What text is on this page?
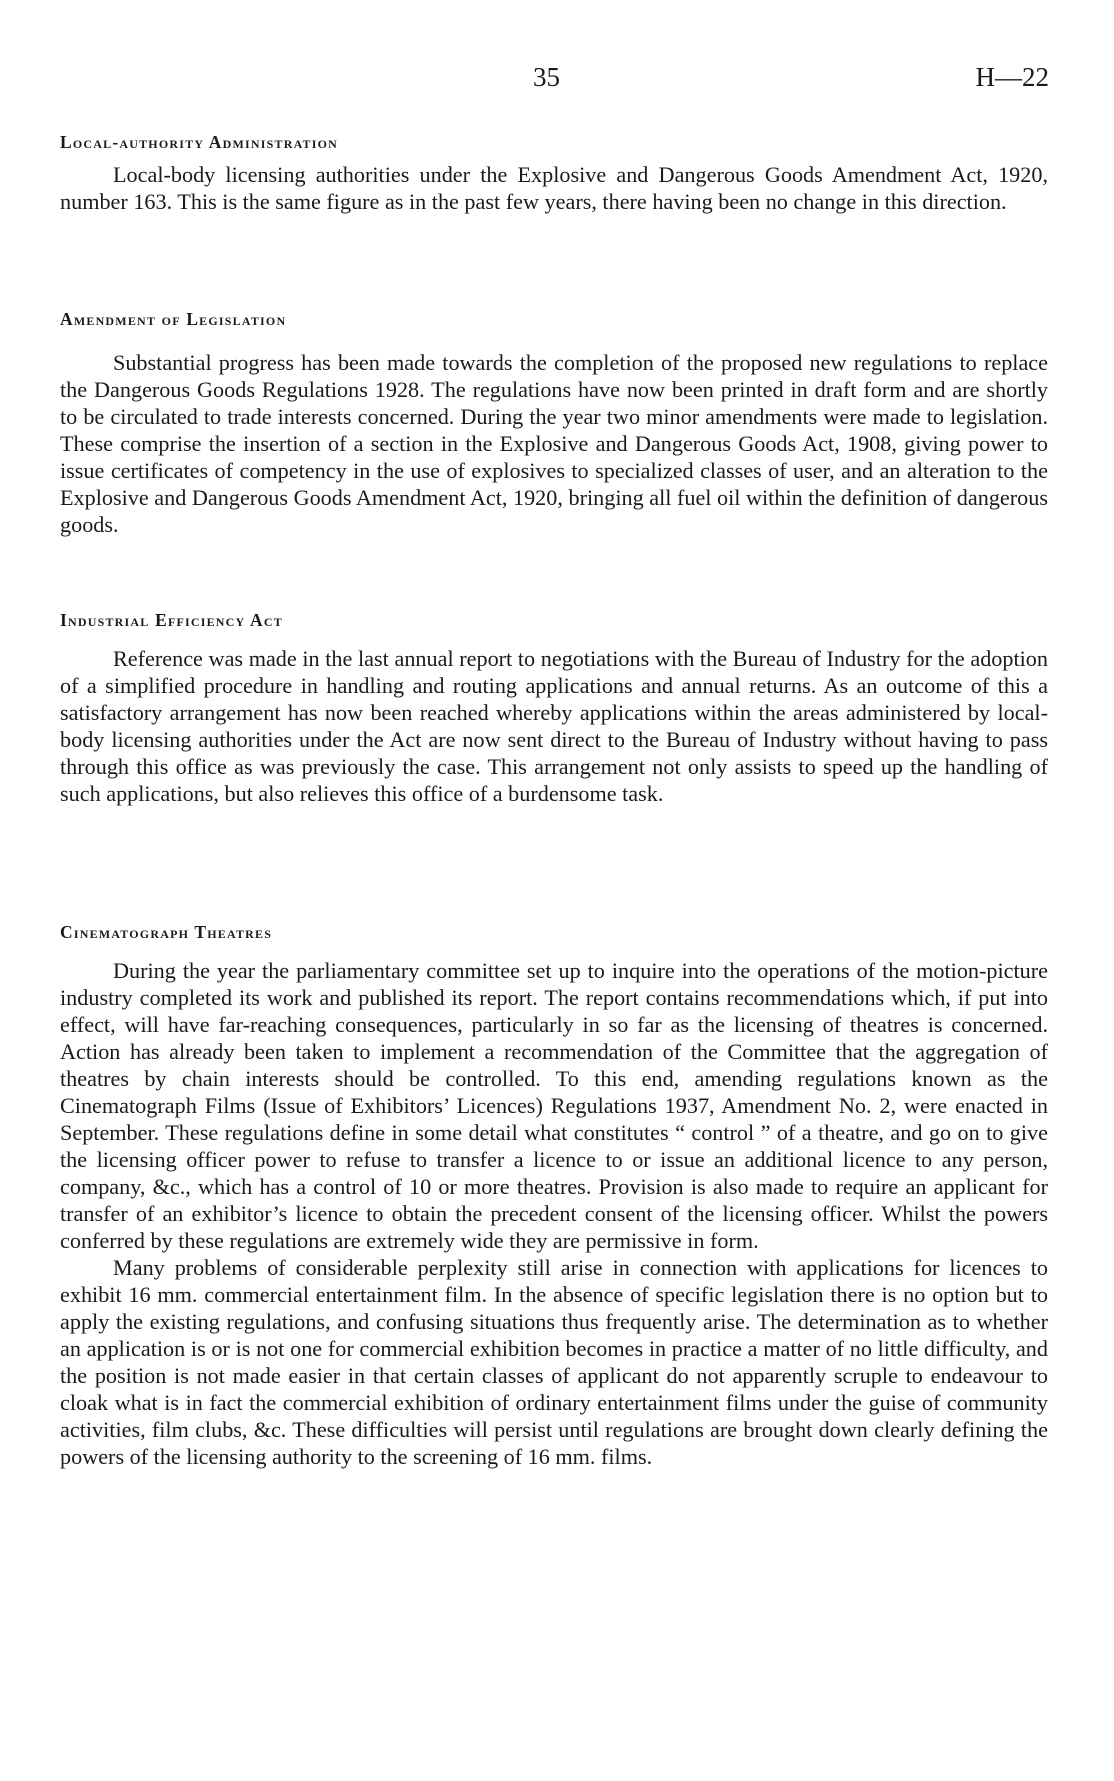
35	H—22
Local-authority Administration

Local-body licensing authorities under the Explosive and Dangerous Goods Amendment Act, 1920, number 163. This is the same figure as in the past few years, there having been no change in this direction.

Amendment of Legislation

Substantial progress has been made towards the completion of the proposed new regulations to replace the Dangerous Goods Regulations 1928. The regulations have now been printed in draft form and are shortly to be circulated to trade interests concerned. During the year two minor amendments were made to legislation. These comprise the insertion of a section in the Explosive and Dangerous Goods Act, 1908, giving power to issue certificates of competency in the use of explosives to specialized classes of user, and an alteration to the Explosive and Dangerous Goods Amendment Act, 1920, bringing all fuel oil within the definition of dangerous goods.

Industrial Efficiency Act

Reference was made in the last annual report to negotiations with the Bureau of Industry for the adoption of a simplified procedure in handling and routing applications and annual returns. As an outcome of this a satisfactory arrangement has now been reached whereby applications within the areas administered by local-body licensing authorities under the Act are now sent direct to the Bureau of Industry without having to pass through this office as was previously the case. This arrangement not only assists to speed up the handling of such applications, but also relieves this office of a burdensome task.

Cinematograph Theatres

During the year the parliamentary committee set up to inquire into the operations of the motion-picture industry completed its work and published its report. The report contains recommendations which, if put into effect, will have far-reaching consequences, particularly in so far as the licensing of theatres is concerned. Action has already been taken to implement a recommendation of the Committee that the aggregation of theatres by chain interests should be controlled. To this end, amending regulations known as the Cinematograph Films (Issue of Exhibitors’ Licences) Regulations 1937, Amendment No. 2, were enacted in September. These regulations define in some detail what constitutes “ control ” of a theatre, and go on to give the licensing officer power to refuse to transfer a licence to or issue an additional licence to any person, company, &c., which has a control of 10 or more theatres. Provision is also made to require an applicant for transfer of an exhibitor’s licence to obtain the precedent consent of the licensing officer. Whilst the powers conferred by these regulations are extremely wide they are permissive in form.

Many problems of considerable perplexity still arise in connection with applications for licences to exhibit 16 mm. commercial entertainment film. In the absence of specific legislation there is no option but to apply the existing regulations, and confusing situations thus frequently arise. The determination as to whether an application is or is not one for commercial exhibition becomes in practice a matter of no little difficulty, and the position is not made easier in that certain classes of applicant do not apparently scruple to endeavour to cloak what is in fact the commercial exhibition of ordinary entertainment films under the guise of community activities, film clubs, &c. These difficulties will persist until regulations are brought down clearly defining the powers of the licensing authority to the screening of 16 mm. films.
